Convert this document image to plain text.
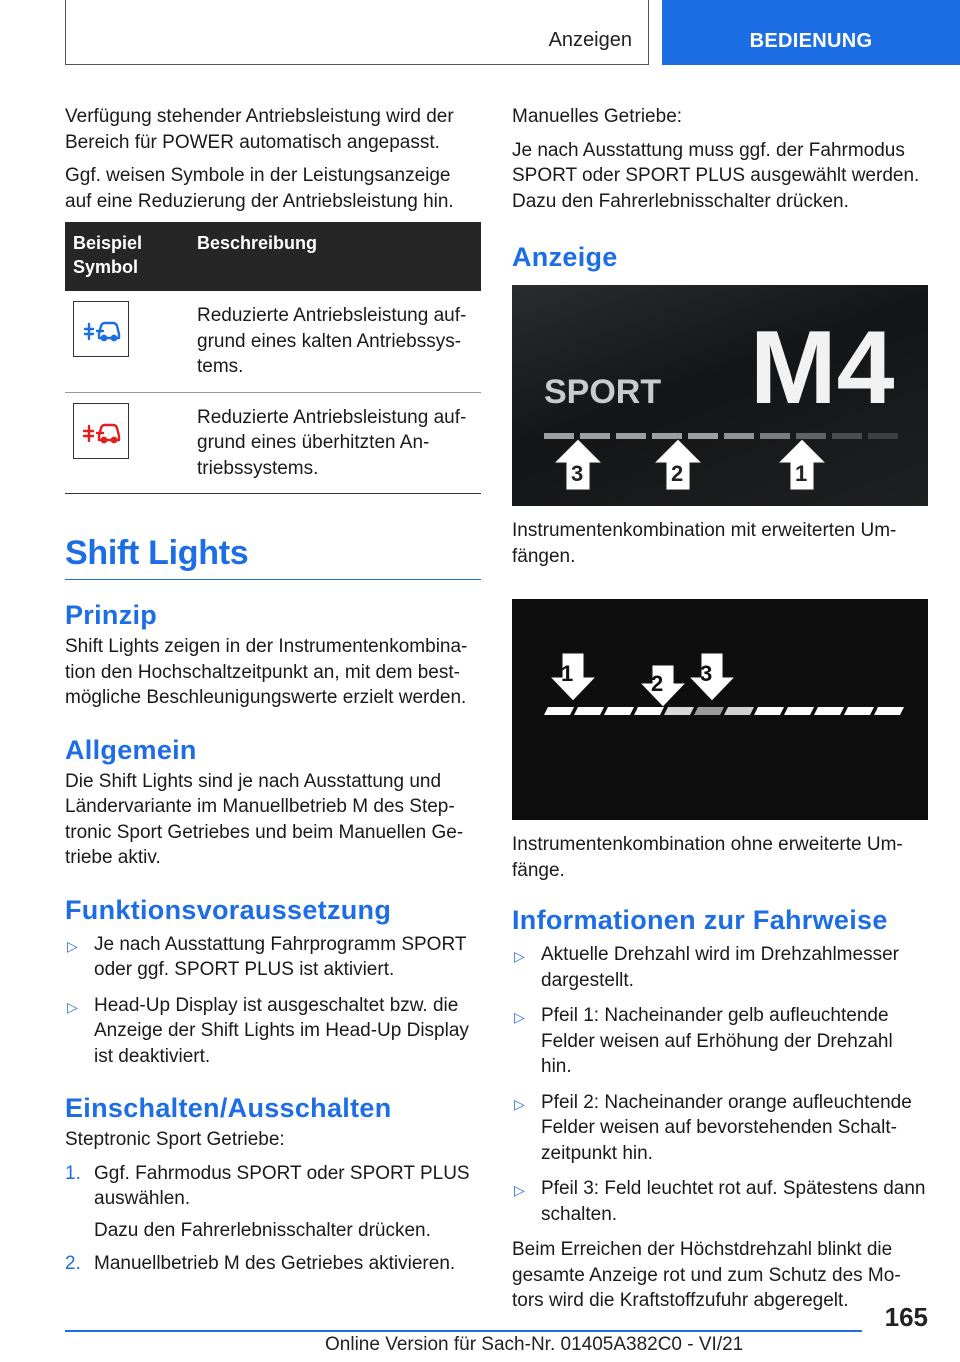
Anzeigen	BEDIENUNG

Verfügung stehender Antriebsleistung wird der Bereich für POWER automatisch angepasst.

Ggf. weisen Symbole in der Leistungsanzeige auf eine Reduzierung der Antriebsleistung hin.

Beispiel Symbol	Beschreibung

	Reduzierte Antriebsleistung auf-grund eines kalten Antriebssys-tems.

	Reduzierte Antriebsleistung auf-grund eines überhitzten An-triebssystems.
Shift Lights
Prinzip

Shift Lights zeigen in der Instrumentenkombina-tion den Hochschaltzeitpunkt an, mit dem best-mögliche Beschleunigungswerte erzielt werden.

Allgemein

Die Shift Lights sind je nach Ausstattung und Ländervariante im Manuellbetrieb M des Step-tronic Sport Getriebes und beim Manuellen Ge-triebe aktiv.

Funktionsvoraussetzung
▷ Je nach Ausstattung Fahrprogramm SPORT oder ggf. SPORT PLUS ist aktiviert.
▷ Head-Up Display ist ausgeschaltet bzw. die Anzeige der Shift Lights im Head-Up Display ist deaktiviert.
Einschalten/Ausschalten

Steptronic Sport Getriebe:

1. Ggf. Fahrmodus SPORT oder SPORT PLUS auswählen.
Dazu den Fahrerlebnisschalter drücken.
2. Manuellbetrieb M des Getriebes aktivieren.

Manuelles Getriebe:

Je nach Ausstattung muss ggf. der Fahrmodus SPORT oder SPORT PLUS ausgewählt werden. Dazu den Fahrerlebnisschalter drücken.

Anzeige
SPORT M4
3	2	1

Instrumentenkombination mit erweiterten Um-fängen.

1	2 3

Instrumentenkombination ohne erweiterte Um-fänge.

Informationen zur Fahrweise
▷ Aktuelle Drehzahl wird im Drehzahlmesser dargestellt.
▷ Pfeil 1: Nacheinander gelb aufleuchtende Felder weisen auf Erhöhung der Drehzahl hin.
▷ Pfeil 2: Nacheinander orange aufleuchtende Felder weisen auf bevorstehenden Schalt-zeitpunkt hin.
▷ Pfeil 3: Feld leuchtet rot auf. Spätestens dann schalten.

Beim Erreichen der Höchstdrehzahl blinkt die gesamte Anzeige rot und zum Schutz des Mo-tors wird die Kraftstoffzufuhr abgeregelt.

165
Online Version für Sach-Nr. 01405A382C0 - VI/21
